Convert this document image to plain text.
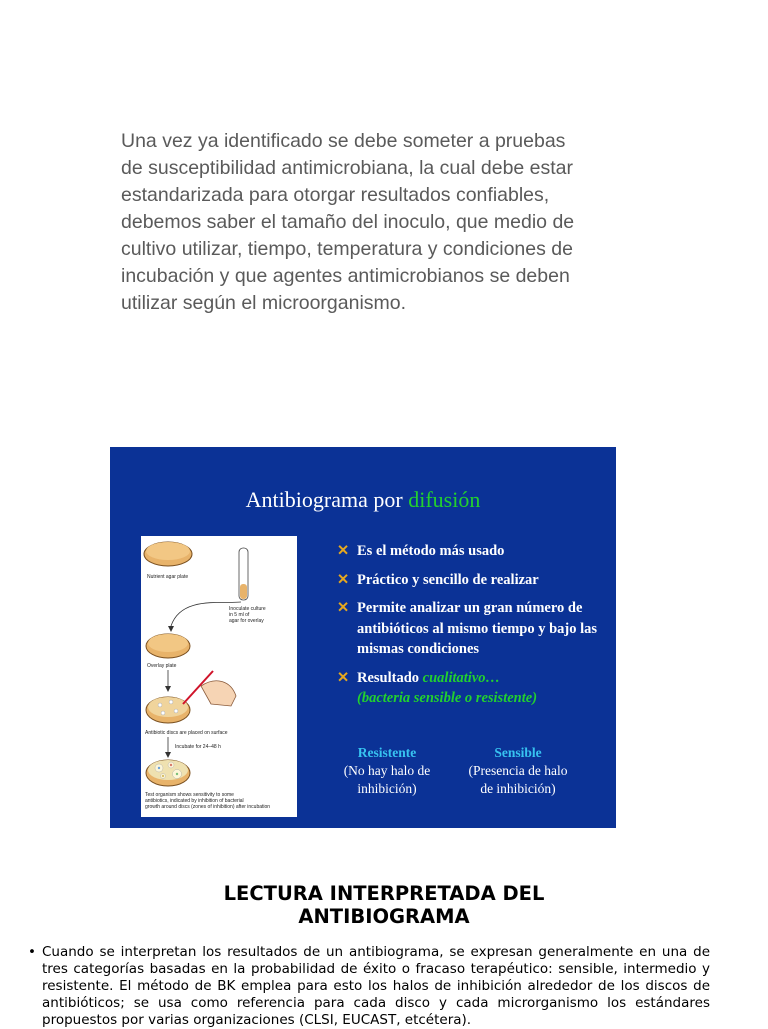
Una vez ya identificado se debe someter a pruebas
de susceptibilidad antimicrobiana, la cual debe estar
estandarizada para otorgar resultados confiables,
debemos saber el tamaño del inoculo, que medio de
cultivo utilizar, tiempo, temperatura y condiciones de
incubación y que agentes antimicrobianos se deben
utilizar según el microorganismo.
Antibiograma por difusión
Nutrient agar plate
Inoculate culture
in 5 ml of
agar for overlay
Overlay plate
Antibiotic discs are placed on surface
Incubate for 24–48 h
Test organism shows sensitivity to some
antibiotics, indicated by inhibition of bacterial
growth around discs (zones of inhibition) after incubation
✕ Es el método más usado
✕ Práctico y sencillo de realizar
✕ Permite analizar un gran número de antibióticos al mismo tiempo y bajo las mismas condiciones
✕ Resultado cualitativo…
(bacteria sensible o resistente)
Resistente
(No hay halo de
inhibición)
Sensible
(Presencia de halo
de inhibición)
LECTURA INTERPRETADA DEL
ANTIBIOGRAMA
• Cuando se interpretan los resultados de un antibiograma, se expresan generalmente en una de tres categorías basadas en la probabilidad de éxito o fracaso terapéutico: sensible, intermedio y resistente. El método de BK emplea para esto los halos de inhibición alrededor de los discos de antibióticos; se usa como referencia para cada disco y cada microrganismo los estándares propuestos por varias organizaciones (CLSI, EUCAST, etcétera).
